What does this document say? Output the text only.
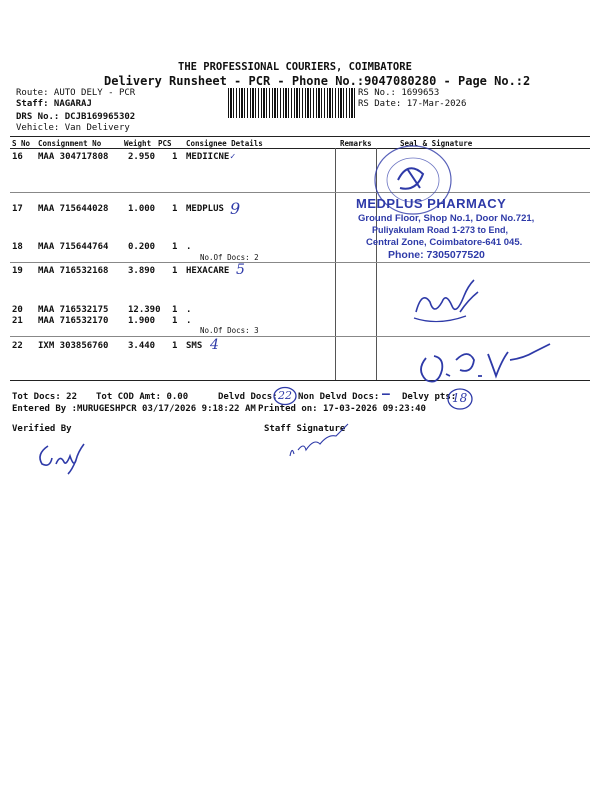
THE PROFESSIONAL COURIERS, COIMBATORE
Delivery Runsheet - PCR - Phone No.:9047080280 - Page No.:2
Route: AUTO DELY - PCR
Staff: NAGARAJ
DRS No.: DCJB169965302
Vehicle: Van Delivery
RS No.: 1699653
RS Date: 17-Mar-2026
S No Consignment No	Weight PCS Consignee Details	Remarks	Seal & Signature
16 MAA 304717808 2.950 1 MEDIICNE ✓
17 MAA 715644028 1.000 1 MEDPLUS 9
18 MAA 715644764 0.200 1 .
No.Of Docs: 2
19 MAA 716532168 3.890 1 HEXACARE 5
20 MAA 716532175 12.390 1 .
21 MAA 716532170 1.900 1 .
No.Of Docs: 3
22 IXM 303856760 3.440 1 SMS 4
MEDPLUS PHARMACY
Ground Floor, Shop No.1, Door No.721,
Puliyakulam Road 1-273 to End,
Central Zone, Coimbatore-641 045.
Phone: 7305077520
Tot Docs: 22 Tot COD Amt: 0.00	Delvd Docs: 22 Non Delvd Docs: — Delvy pts:
18
Entered By :MURUGESHPCR 03/17/2026 9:18:22 AM Printed on: 17-03-2026 09:23:40
Verified By	Staff Signature
